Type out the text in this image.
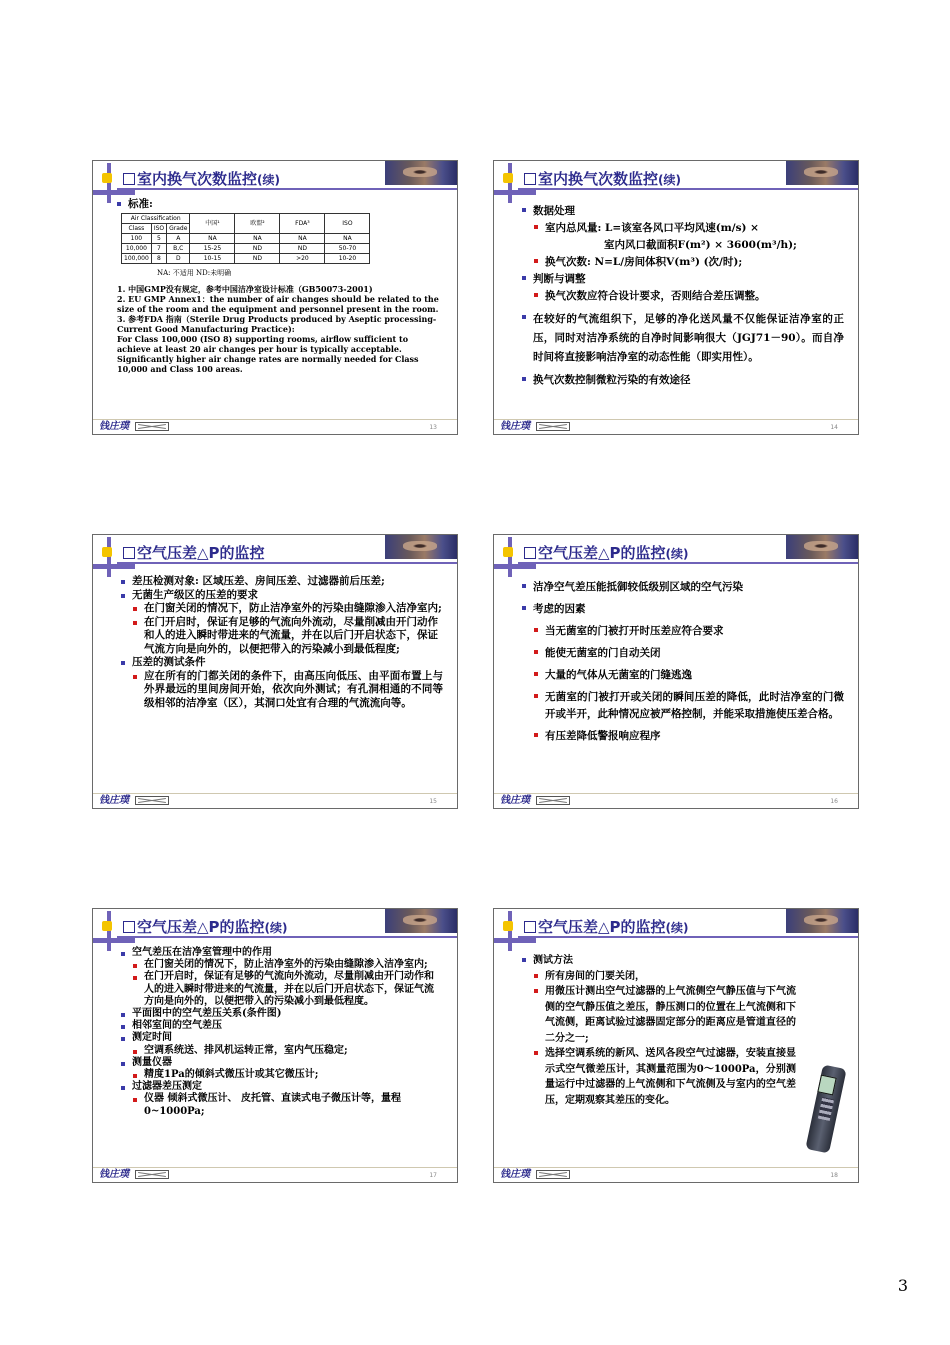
室内换气次数监控(续)
标准:
Air Classification			中国¹	欧盟²	FDA³	ISO
Class	ISO	Grade				
100	5	A	NA	NA	NA	NA
10,000	7	B,C	15-25	ND	ND	50-70
100,000	8	D	10-15	ND	>20	10-20
NA: 不适用 ND:未明确
1. 中国GMP没有规定，参考中国洁净室设计标准（GB50073-2001)
2. EU GMP Annex1：the number of air changes should be related to the size of the room and the equipment and personnel present in the room.
3. 参考FDA 指南（Sterile Drug Products produced by Aseptic processing- Current Good Manufacturing Practice):
For Class 100,000 (ISO 8) supporting rooms, airflow sufficient to achieve at least 20 air changes per hour is typically acceptable. Significantly higher air change rates are normally needed for Class 10,000 and Class 100 areas.
钱庄璞	13
室内换气次数监控(续)
数据处理
室内总风量: L=该室各风口平均风速(m/s) ×
室内风口截面积F(m²) × 3600(m³/h);
换气次数: N=L/房间体积V(m³) (次/时);
判断与调整
换气次数应符合设计要求，否则结合差压调整。
在较好的气流组织下，足够的净化送风量不仅能保证洁净室的正压，同时对洁净系统的自净时间影响很大（JGJ71－90）。而自净时间将直接影响洁净室的动态性能（即实用性）。
换气次数控制微粒污染的有效途径
钱庄璞	14
空气压差△P的监控
差压检测对象: 区域压差、房间压差、过滤器前后压差;
无菌生产级区的压差的要求
在门窗关闭的情况下，防止洁净室外的污染由缝隙渗入洁净室内;
在门开启时，保证有足够的气流向外流动，尽量削减由开门动作和人的进入瞬时带进来的气流量，并在以后门开启状态下，保证气流方向是向外的，以便把带入的污染减小到最低程度;
压差的测试条件
应在所有的门都关闭的条件下，由高压向低压、由平面布置上与外界最远的里间房间开始，依次向外测试；有孔洞相通的不同等级相邻的洁净室（区），其洞口处宜有合理的气流流向等。
钱庄璞	15
空气压差△P的监控(续)
洁净空气差压能抵御较低级别区域的空气污染
考虑的因素
当无菌室的门被打开时压差应符合要求
能使无菌室的门自动关闭
大量的气体从无菌室的门缝逃逸
无菌室的门被打开或关闭的瞬间压差的降低，此时洁净室的门微开或半开，此种情况应被严格控制，并能采取措施使压差合格。
有压差降低警报响应程序
钱庄璞	16
空气压差△P的监控(续)
空气差压在洁净室管理中的作用
在门窗关闭的情况下，防止洁净室外的污染由缝隙渗入洁净室内;
在门开启时，保证有足够的气流向外流动，尽量削减由开门动作和人的进入瞬时带进来的气流量，并在以后门开启状态下，保证气流方向是向外的，以便把带入的污染减小到最低程度。
平面图中的空气差压关系(条件图)
相邻室间的空气差压
测定时间
空调系统送、排风机运转正常，室内气压稳定;
测量仪器
精度1Pa的倾斜式微压计或其它微压计;
过滤器差压测定
仪器 倾斜式微压计、 皮托管、直读式电子微压计等，量程0~1000Pa;
钱庄璞	17
空气压差△P的监控(续)
测试方法
所有房间的门要关闭，
用微压计测出空气过滤器的上气流侧空气静压值与下气流侧的空气静压值之差压，静压测口的位置在上气流侧和下气流侧，距离试验过滤器固定部分的距离应是管道直径的二分之一;
选择空调系统的新风、送风各段空气过滤器，安装直接显示式空气微差压计，其测量范围为0～1000Pa，分别测量运行中过滤器的上气流侧和下气流侧及与室内的空气差压，定期观察其差压的变化。
钱庄璞	18
3
